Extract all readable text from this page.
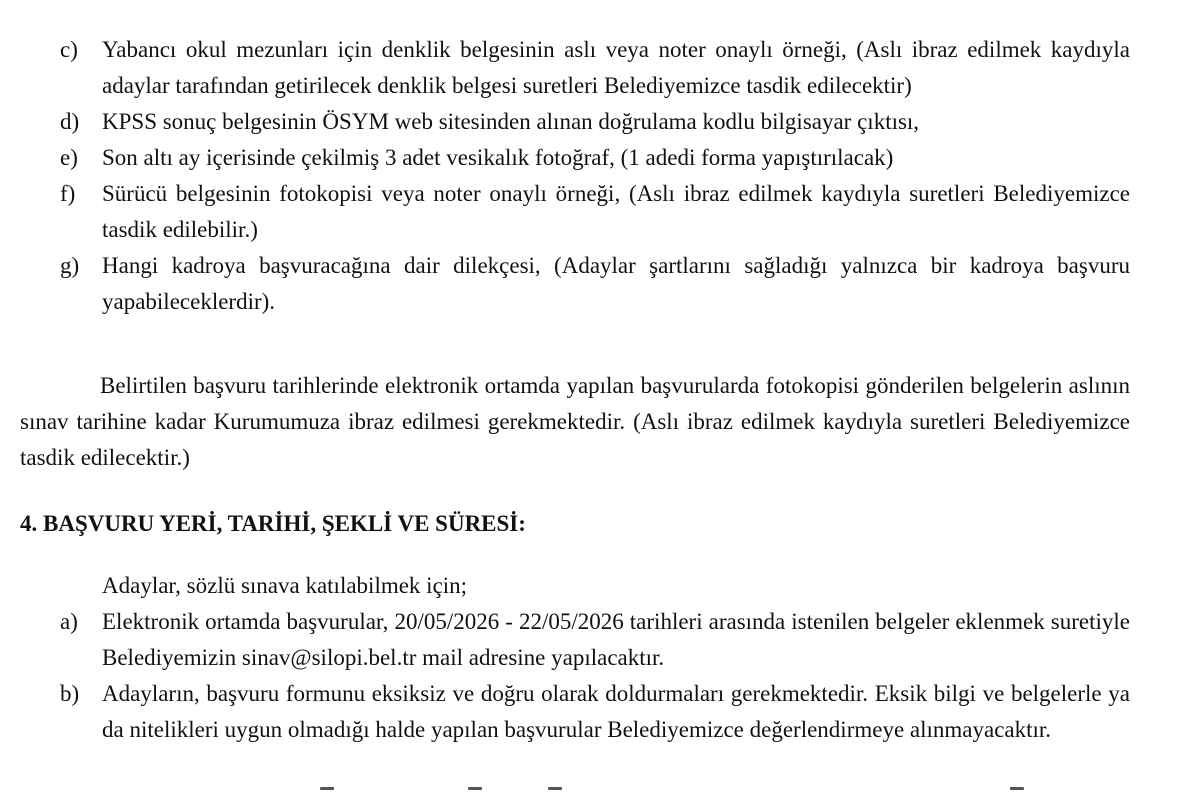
c) Yabancı okul mezunları için denklik belgesinin aslı veya noter onaylı örneği, (Aslı ibraz edilmek kaydıyla adaylar tarafından getirilecek denklik belgesi suretleri Belediyemizce tasdik edilecektir)
d) KPSS sonuç belgesinin ÖSYM web sitesinden alınan doğrulama kodlu bilgisayar çıktısı,
e) Son altı ay içerisinde çekilmiş 3 adet vesikalık fotoğraf, (1 adedi forma yapıştırılacak)
f) Sürücü belgesinin fotokopisi veya noter onaylı örneği, (Aslı ibraz edilmek kaydıyla suretleri Belediyemizce tasdik edilebilir.)
g) Hangi kadroya başvuracağına dair dilekçesi, (Adaylar şartlarını sağladığı yalnızca bir kadroya başvuru yapabileceklerdir).
Belirtilen başvuru tarihlerinde elektronik ortamda yapılan başvurularda fotokopisi gönderilen belgelerin aslının sınav tarihine kadar Kurumumuza ibraz edilmesi gerekmektedir. (Aslı ibraz edilmek kaydıyla suretleri Belediyemizce tasdik edilecektir.)
4. BAŞVURU YERİ, TARİHİ, ŞEKLİ VE SÜRESİ:
Adaylar, sözlü sınava katılabilmek için;
a) Elektronik ortamda başvurular, 20/05/2026 - 22/05/2026 tarihleri arasında istenilen belgeler eklenmek suretiyle Belediyemizin sinav@silopi.bel.tr mail adresine yapılacaktır.
b) Adayların, başvuru formunu eksiksiz ve doğru olarak doldurmaları gerekmektedir. Eksik bilgi ve belgelerle ya da nitelikleri uygun olmadığı halde yapılan başvurular Belediyemizce değerlendirmeye alınmayacaktır.
